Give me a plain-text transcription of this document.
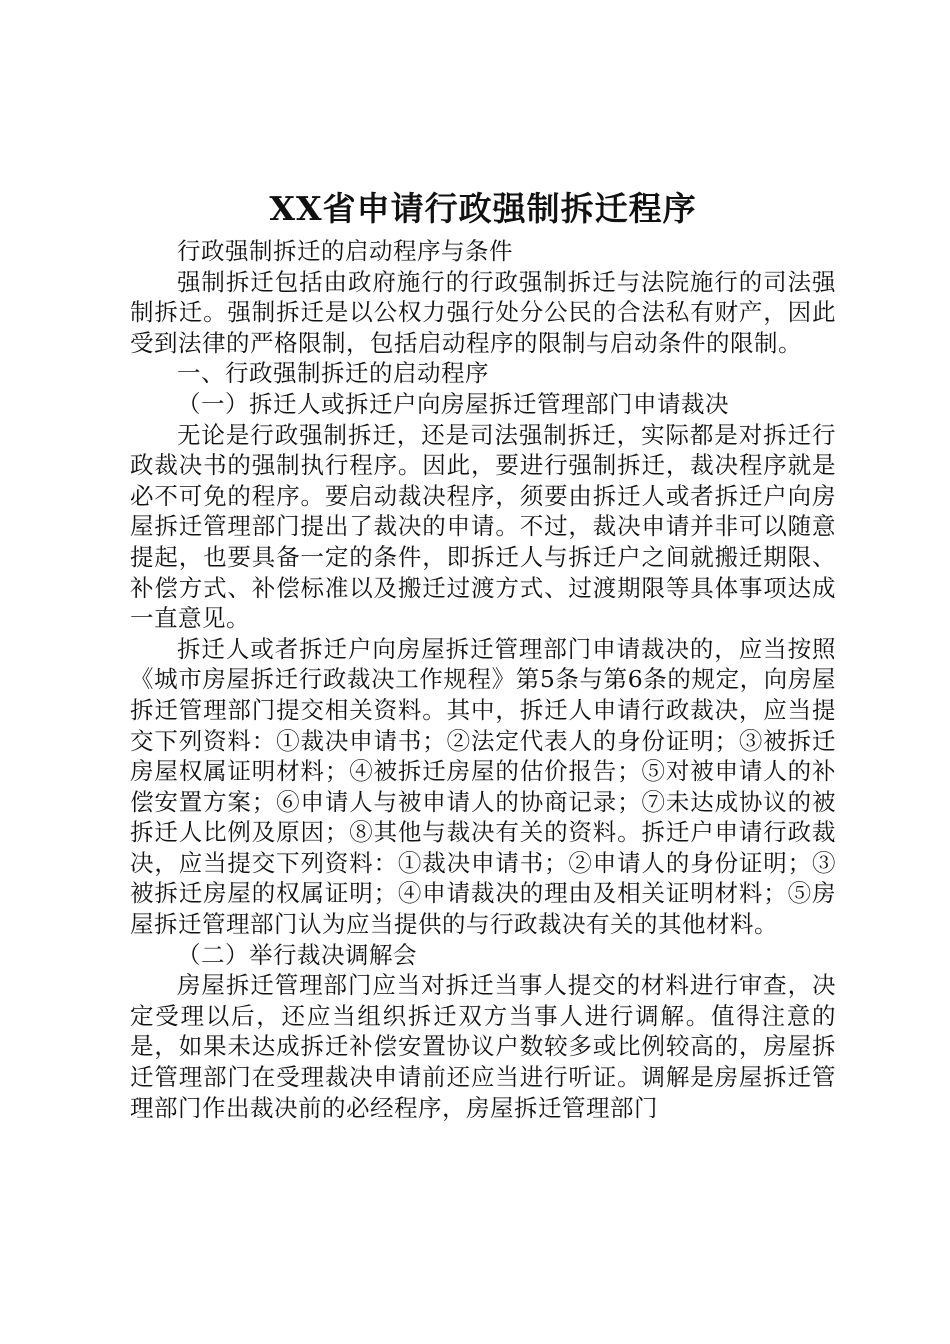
XX省申请行政强制拆迁程序

行政强制拆迁的启动程序与条件

强制拆迁包括由政府施行的行政强制拆迁与法院施行的司法强制拆迁。强制拆迁是以公权力强行处分公民的合法私有财产，因此受到法律的严格限制，包括启动程序的限制与启动条件的限制。

一、行政强制拆迁的启动程序

（一）拆迁人或拆迁户向房屋拆迁管理部门申请裁决

无论是行政强制拆迁，还是司法强制拆迁，实际都是对拆迁行政裁决书的强制执行程序。因此，要进行强制拆迁，裁决程序就是必不可免的程序。要启动裁决程序，须要由拆迁人或者拆迁户向房屋拆迁管理部门提出了裁决的申请。不过，裁决申请并非可以随意提起，也要具备一定的条件，即拆迁人与拆迁户之间就搬迁期限、补偿方式、补偿标准以及搬迁过渡方式、过渡期限等具体事项达成一直意见。

拆迁人或者拆迁户向房屋拆迁管理部门申请裁决的，应当按照《城市房屋拆迁行政裁决工作规程》第5条与第6条的规定，向房屋拆迁管理部门提交相关资料。其中，拆迁人申请行政裁决，应当提交下列资料：①裁决申请书；②法定代表人的身份证明；③被拆迁房屋权属证明材料；④被拆迁房屋的估价报告；⑤对被申请人的补偿安置方案；⑥申请人与被申请人的协商记录；⑦未达成协议的被拆迁人比例及原因；⑧其他与裁决有关的资料。拆迁户申请行政裁决，应当提交下列资料：①裁决申请书；②申请人的身份证明；③被拆迁房屋的权属证明；④申请裁决的理由及相关证明材料；⑤房屋拆迁管理部门认为应当提供的与行政裁决有关的其他材料。

（二）举行裁决调解会

房屋拆迁管理部门应当对拆迁当事人提交的材料进行审查，决定受理以后，还应当组织拆迁双方当事人进行调解。值得注意的是，如果未达成拆迁补偿安置协议户数较多或比例较高的，房屋拆迁管理部门在受理裁决申请前还应当进行听证。调解是房屋拆迁管理部门作出裁决前的必经程序，房屋拆迁管理部门
